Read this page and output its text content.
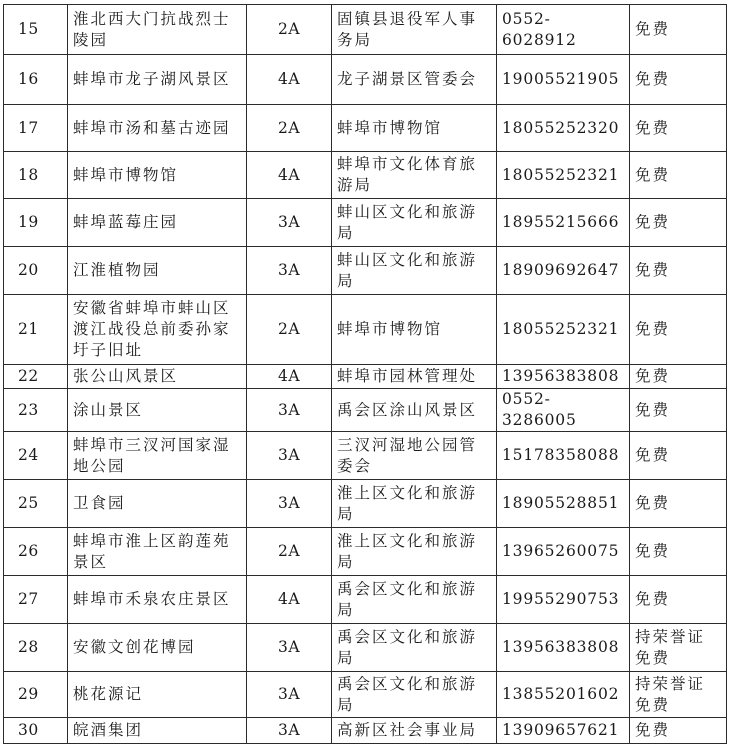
15	淮北西大门抗战烈士陵园	2A	固镇县退役军人事务局	0552-6028912	免费
16	蚌埠市龙子湖风景区	4A	龙子湖景区管委会	19005521905	免费
17	蚌埠市汤和墓古迹园	2A	蚌埠市博物馆	18055252320	免费
18	蚌埠市博物馆	4A	蚌埠市文化体育旅游局	18055252321	免费
19	蚌埠蓝莓庄园	3A	蚌山区文化和旅游局	18955215666	免费
20	江淮植物园	3A	蚌山区文化和旅游局	18909692647	免费
21	安徽省蚌埠市蚌山区渡江战役总前委孙家圩子旧址	2A	蚌埠市博物馆	18055252321	免费
22	张公山风景区	4A	蚌埠市园林管理处	13956383808	免费
23	涂山景区	3A	禹会区涂山风景区	0552-3286005	免费
24	蚌埠市三汊河国家湿地公园	3A	三汊河湿地公园管委会	15178358088	免费
25	卫食园	3A	淮上区文化和旅游局	18905528851	免费
26	蚌埠市淮上区韵莲苑景区	2A	淮上区文化和旅游局	13965260075	免费
27	蚌埠市禾泉农庄景区	4A	禹会区文化和旅游局	19955290753	免费
28	安徽文创花博园	3A	禹会区文化和旅游局	13956383808	持荣誉证免费
29	桃花源记	3A	禹会区文化和旅游局	13855201602	持荣誉证免费
30	皖酒集团	3A	高新区社会事业局	13909657621	免费
